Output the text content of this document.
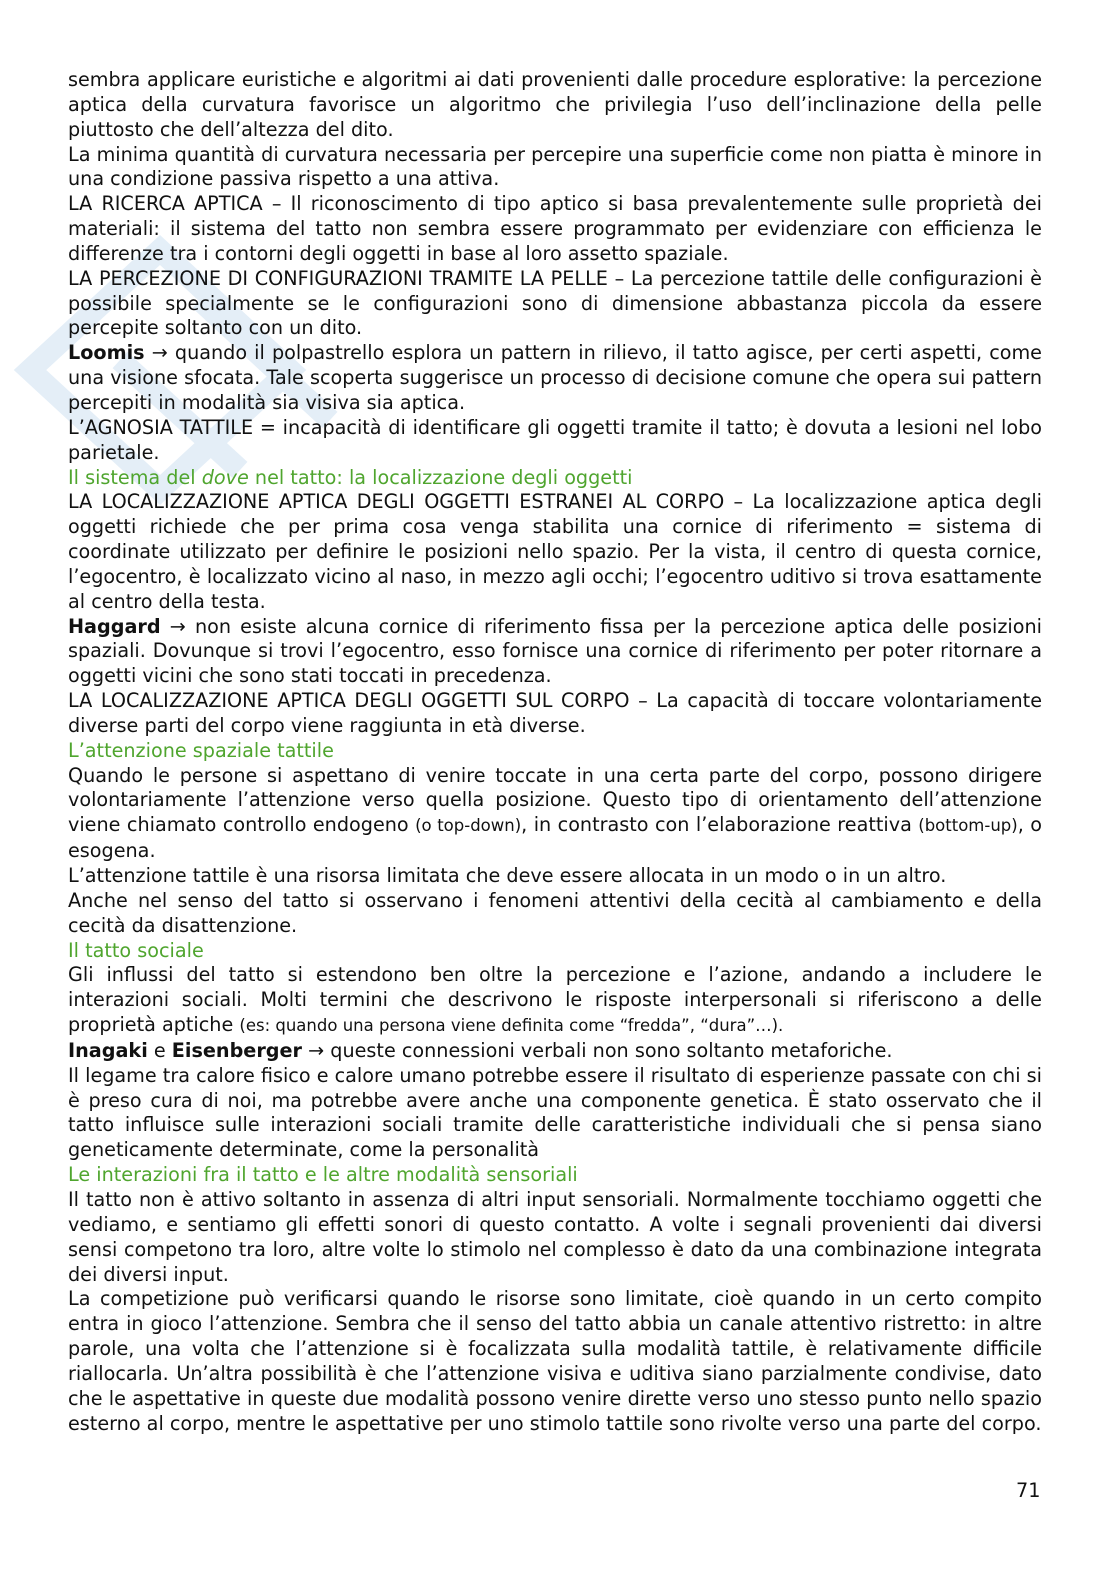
sembra applicare euristiche e algoritmi ai dati provenienti dalle procedure esplorative: la percezione aptica della curvatura favorisce un algoritmo che privilegia l’uso dell’inclinazione della pelle piuttosto che dell’altezza del dito.

La minima quantità di curvatura necessaria per percepire una superficie come non piatta è minore in una condizione passiva rispetto a una attiva.

LA RICERCA APTICA – Il riconoscimento di tipo aptico si basa prevalentemente sulle proprietà dei materiali: il sistema del tatto non sembra essere programmato per evidenziare con efficienza le differenze tra i contorni degli oggetti in base al loro assetto spaziale.

LA PERCEZIONE DI CONFIGURAZIONI TRAMITE LA PELLE – La percezione tattile delle configurazioni è possibile specialmente se le configurazioni sono di dimensione abbastanza piccola da essere percepite soltanto con un dito.

Loomis → quando il polpastrello esplora un pattern in rilievo, il tatto agisce, per certi aspetti, come una visione sfocata. Tale scoperta suggerisce un processo di decisione comune che opera sui pattern percepiti in modalità sia visiva sia aptica.

L’AGNOSIA TATTILE = incapacità di identificare gli oggetti tramite il tatto; è dovuta a lesioni nel lobo parietale.

Il sistema del dove nel tatto: la localizzazione degli oggetti

LA LOCALIZZAZIONE APTICA DEGLI OGGETTI ESTRANEI AL CORPO – La localizzazione aptica degli oggetti richiede che per prima cosa venga stabilita una cornice di riferimento = sistema di coordinate utilizzato per definire le posizioni nello spazio. Per la vista, il centro di questa cornice, l’egocentro, è localizzato vicino al naso, in mezzo agli occhi; l’egocentro uditivo si trova esattamente al centro della testa.

Haggard → non esiste alcuna cornice di riferimento fissa per la percezione aptica delle posizioni spaziali. Dovunque si trovi l’egocentro, esso fornisce una cornice di riferimento per poter ritornare a oggetti vicini che sono stati toccati in precedenza.

LA LOCALIZZAZIONE APTICA DEGLI OGGETTI SUL CORPO – La capacità di toccare volontariamente diverse parti del corpo viene raggiunta in età diverse.

L’attenzione spaziale tattile

Quando le persone si aspettano di venire toccate in una certa parte del corpo, possono dirigere volontariamente l’attenzione verso quella posizione. Questo tipo di orientamento dell’attenzione viene chiamato controllo endogeno (o top-down), in contrasto con l’elaborazione reattiva (bottom-up), o esogena.

L’attenzione tattile è una risorsa limitata che deve essere allocata in un modo o in un altro.

Anche nel senso del tatto si osservano i fenomeni attentivi della cecità al cambiamento e della cecità da disattenzione.

Il tatto sociale

Gli influssi del tatto si estendono ben oltre la percezione e l’azione, andando a includere le interazioni sociali. Molti termini che descrivono le risposte interpersonali si riferiscono a delle proprietà aptiche (es: quando una persona viene definita come “fredda”, “dura”…).

Inagaki e Eisenberger → queste connessioni verbali non sono soltanto metaforiche.

Il legame tra calore fisico e calore umano potrebbe essere il risultato di esperienze passate con chi si è preso cura di noi, ma potrebbe avere anche una componente genetica. È stato osservato che il tatto influisce sulle interazioni sociali tramite delle caratteristiche individuali che si pensa siano geneticamente determinate, come la personalità

Le interazioni fra il tatto e le altre modalità sensoriali

Il tatto non è attivo soltanto in assenza di altri input sensoriali. Normalmente tocchiamo oggetti che vediamo, e sentiamo gli effetti sonori di questo contatto. A volte i segnali provenienti dai diversi sensi competono tra loro, altre volte lo stimolo nel complesso è dato da una combinazione integrata dei diversi input.

La competizione può verificarsi quando le risorse sono limitate, cioè quando in un certo compito entra in gioco l’attenzione. Sembra che il senso del tatto abbia un canale attentivo ristretto: in altre parole, una volta che l’attenzione si è focalizzata sulla modalità tattile, è relativamente difficile riallocarla. Un’altra possibilità è che l’attenzione visiva e uditiva siano parzialmente condivise, dato che le aspettative in queste due modalità possono venire dirette verso uno stesso punto nello spazio esterno al corpo, mentre le aspettative per uno stimolo tattile sono rivolte verso una parte del corpo.

71
